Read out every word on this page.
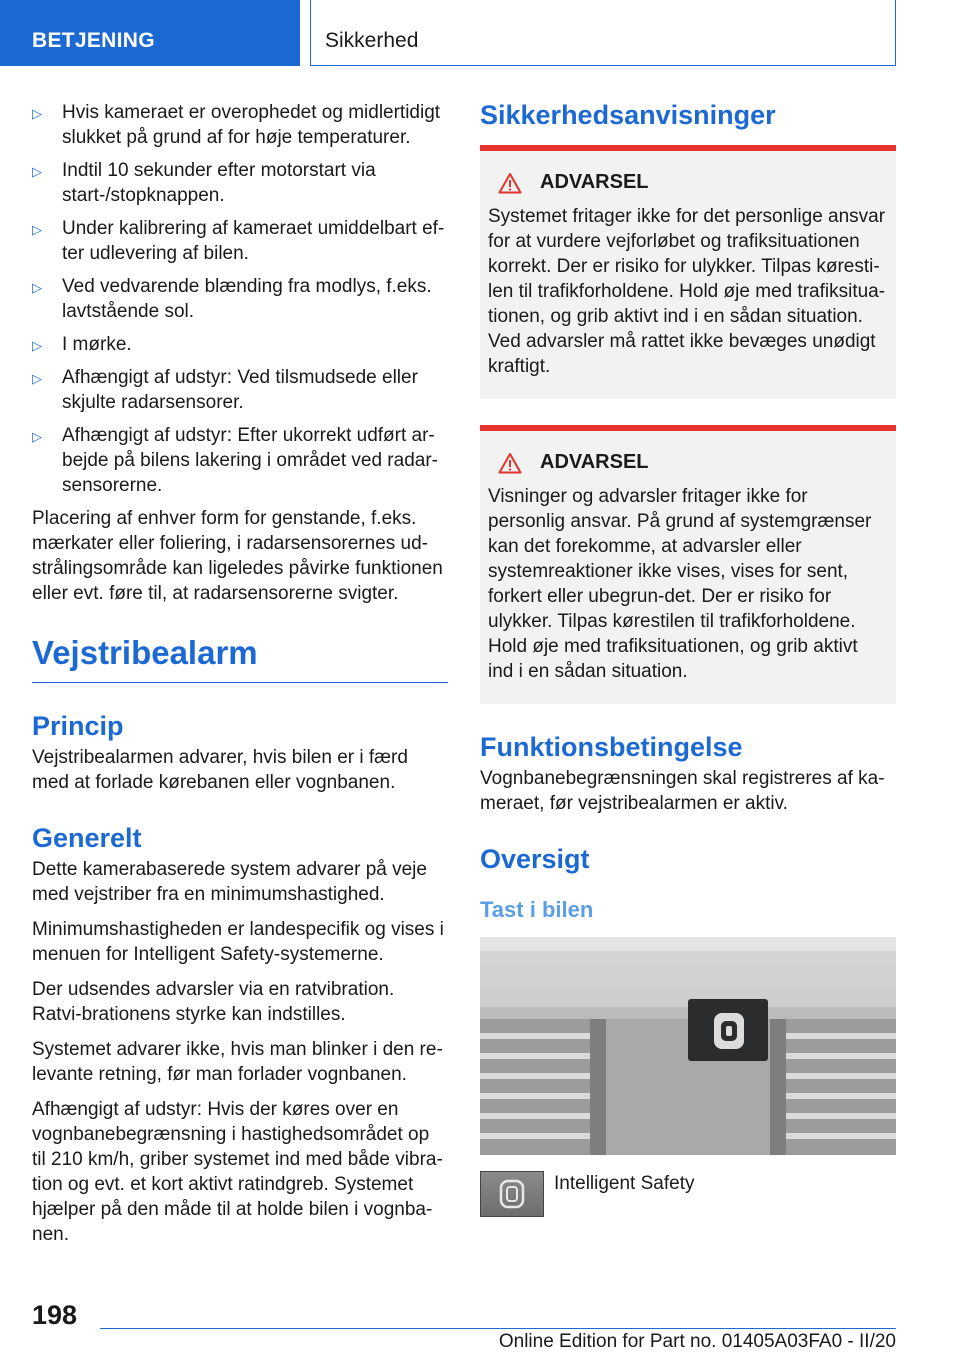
BETJENING	Sikkerhed
▷ Hvis kameraet er overophedet og midlertidigt slukket på grund af for høje temperaturer.
▷ Indtil 10 sekunder efter motorstart via start-/stopknappen.
▷ Under kalibrering af kameraet umiddelbart ef-ter udlevering af bilen.
▷ Ved vedvarende blænding fra modlys, f.eks. lavtstående sol.
▷ I mørke.
▷ Afhængigt af udstyr: Ved tilsmudsede eller skjulte radarsensorer.
▷ Afhængigt af udstyr: Efter ukorrekt udført ar-bejde på bilens lakering i området ved radar-sensorerne.

Placering af enhver form for genstande, f.eks. mærkater eller foliering, i radarsensorernes ud-strålingsområde kan ligeledes påvirke funktionen eller evt. føre til, at radarsensorerne svigter.

Vejstribealarm
Princip

Vejstribealarmen advarer, hvis bilen er i færd med at forlade kørebanen eller vognbanen.

Generelt

Dette kamerabaserede system advarer på veje med vejstriber fra en minimumshastighed.

Minimumshastigheden er landespecifik og vises i menuen for Intelligent Safety-systemerne.

Der udsendes advarsler via en ratvibration. Ratvi-brationens styrke kan indstilles.

Systemet advarer ikke, hvis man blinker i den re-levante retning, før man forlader vognbanen.

Afhængigt af udstyr: Hvis der køres over en vognbanebegrænsning i hastighedsområdet op til 210 km/h, griber systemet ind med både vibra-tion og evt. et kort aktivt ratindgreb. Systemet hjælper på den måde til at holde bilen i vognba-nen.

Sikkerhedsanvisninger
ADVARSEL

Systemet fritager ikke for det personlige ansvar for at vurdere vejforløbet og trafiksituationen korrekt. Der er risiko for ulykker. Tilpas køresti-len til trafikforholdene. Hold øje med trafiksitua-tionen, og grib aktivt ind i en sådan situation. Ved advarsler må rattet ikke bevæges unødigt kraftigt.

ADVARSEL

Visninger og advarsler fritager ikke for personlig ansvar. På grund af systemgrænser kan det forekomme, at advarsler eller systemreaktioner ikke vises, vises for sent, forkert eller ubegrun-det. Der er risiko for ulykker. Tilpas kørestilen til trafikforholdene. Hold øje med trafiksituationen, og grib aktivt ind i en sådan situation.

Funktionsbetingelse

Vognbanebegrænsningen skal registreres af ka-meraet, før vejstribealarmen er aktiv.

Oversigt
Tast i bilen
Intelligent Safety
198
Online Edition for Part no. 01405A03FA0 - II/20
